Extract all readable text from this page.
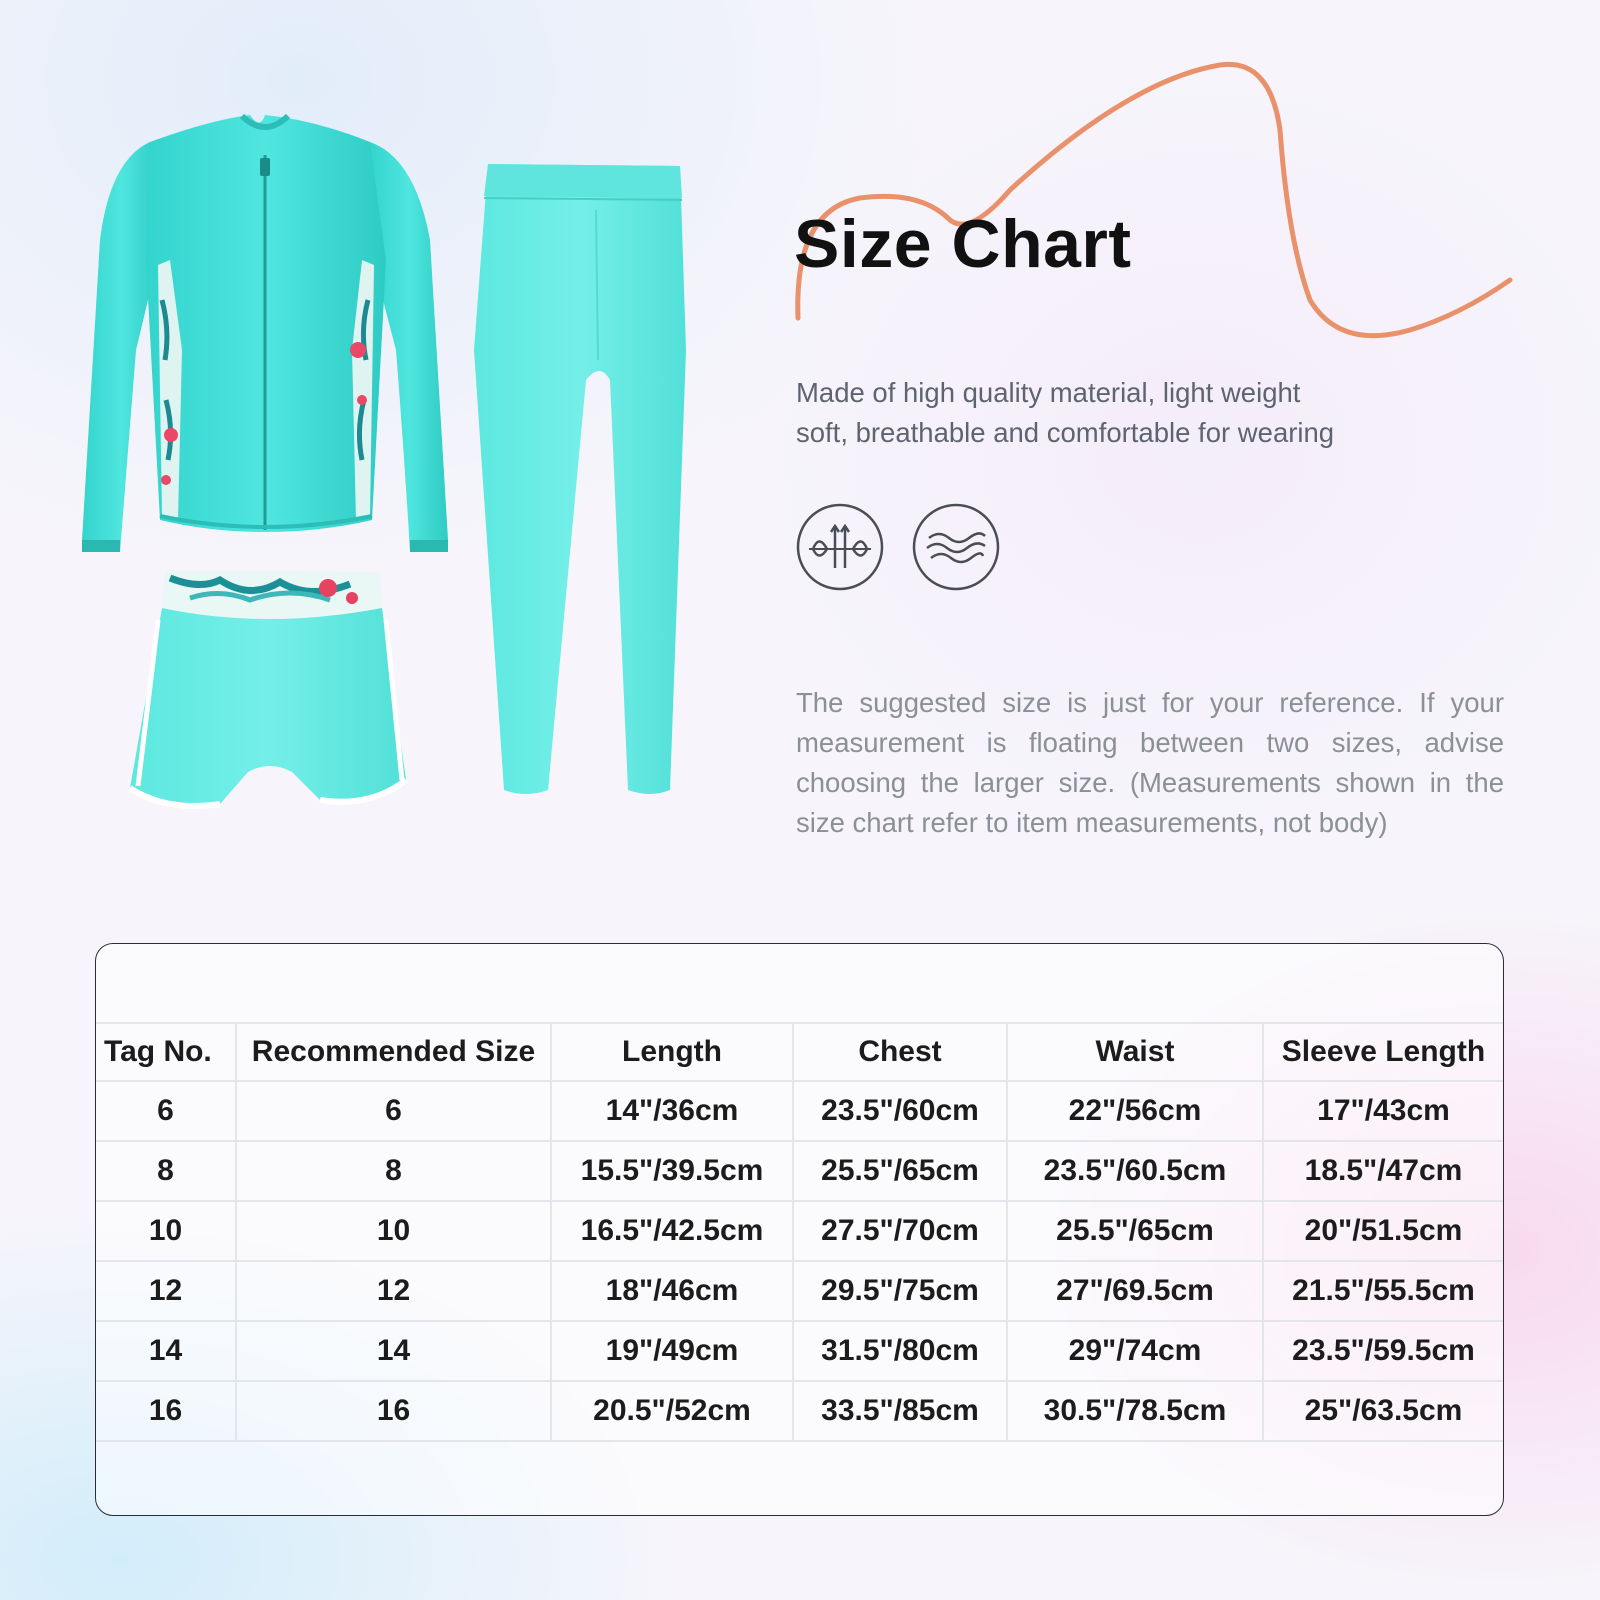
Size Chart
Made of high quality material, light weight
soft, breathable and comfortable for wearing

The suggested size is just for your reference. If your measurement is floating between two sizes, advise choosing the larger size. (Measurements shown in the size chart refer to item measurements, not body)

Tag No.	Recommended Size	Length	Chest	Waist	Sleeve Length
6	6	14"/36cm	23.5"/60cm	22"/56cm	17"/43cm
8	8	15.5"/39.5cm	25.5"/65cm	23.5"/60.5cm	18.5"/47cm
10	10	16.5"/42.5cm	27.5"/70cm	25.5"/65cm	20"/51.5cm
12	12	18"/46cm	29.5"/75cm	27"/69.5cm	21.5"/55.5cm
14	14	19"/49cm	31.5"/80cm	29"/74cm	23.5"/59.5cm
16	16	20.5"/52cm	33.5"/85cm	30.5"/78.5cm	25"/63.5cm
